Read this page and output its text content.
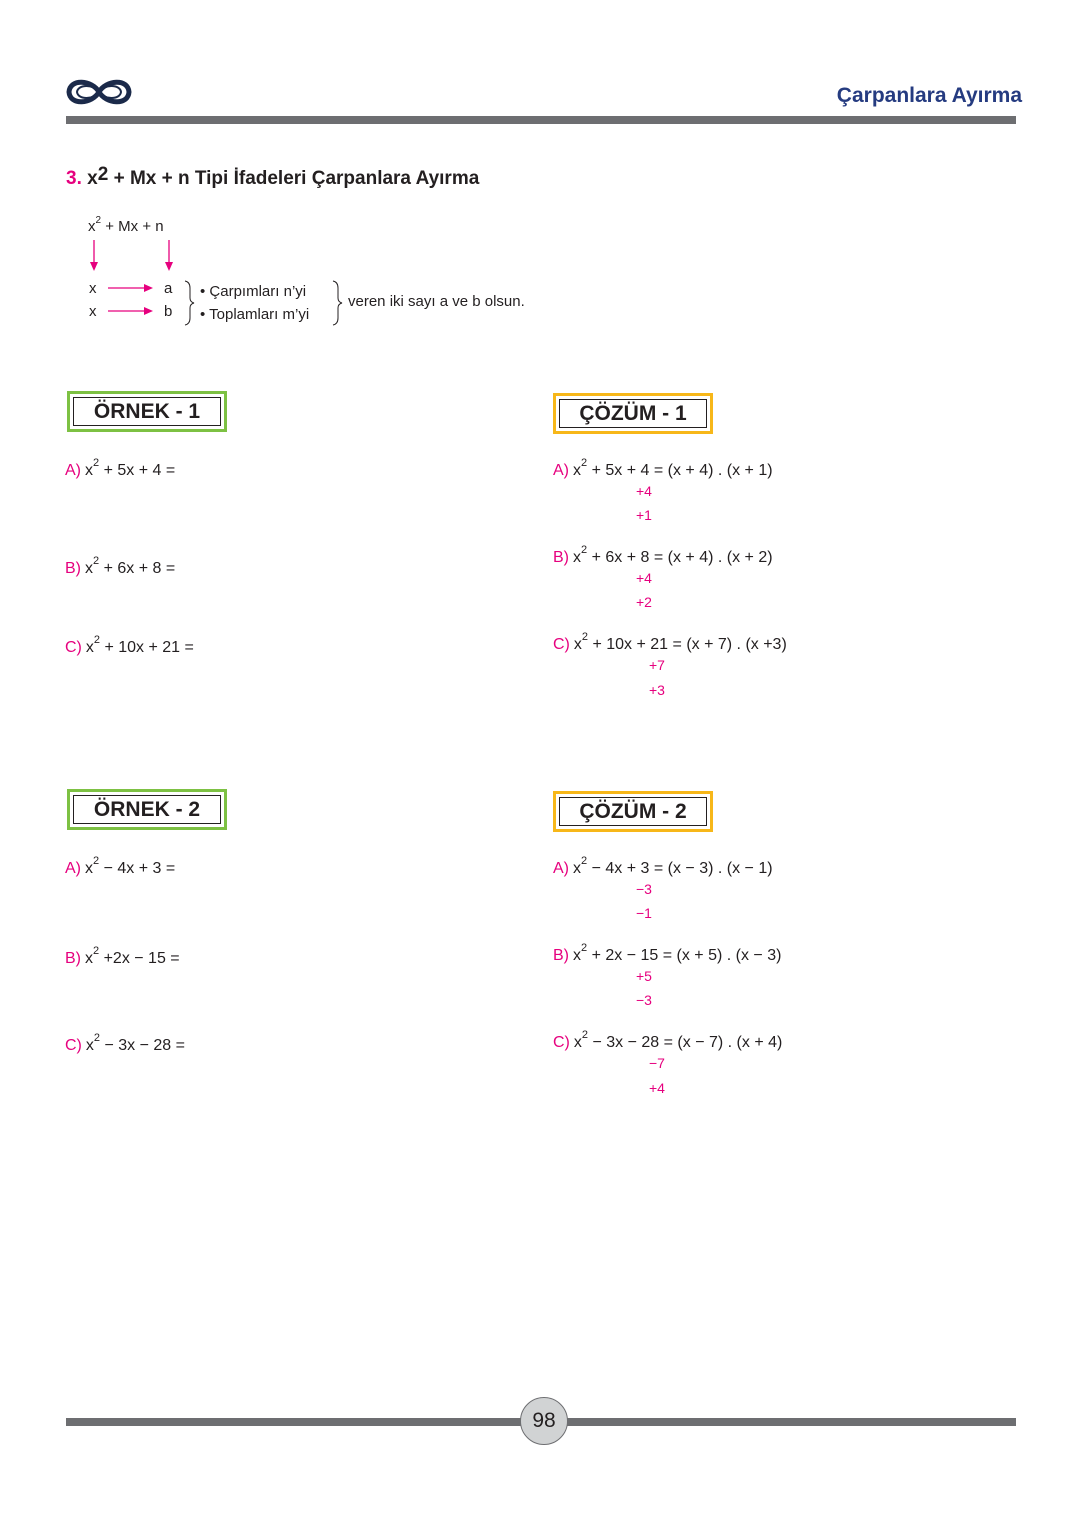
Çarpanlara Ayırma
3. $x^2 + Mx + n$ Tipi İfadeleri Çarpanlara Ayırma
$x^2 + Mx + n$
x
x
a
b
• Çarpımları n’yi
• Toplamları m’yi
veren iki sayı a ve b olsun.
ÖRNEK - 1
A) $x^2 + 5x + 4$ =
B) $x^2 + 6x + 8$ =
C) $x^2 + 10x + 21$ =
ÇÖZÜM - 1
A) $x^2 + 5x + 4 = (x + 4)$ . (x + 1)
+4
+1
B) $x^2 + 6x + 8 = (x + 4)$ . (x + 2)
+4
+2
C) $x^2 + 10x + 21 = (x + 7)$ . (x +3)
+7
+3
ÖRNEK - 2
A) $x^2 - 4x + 3$ =
B) $x^2 +2x - 15$ =
C) $x^2 - 3x - 28$ =
ÇÖZÜM - 2
A) $x^2 - 4x + 3 = (x - 3)$ . (x − 1)
−3
−1
B) $x^2 + 2x - 15 = (x + 5)$ . (x − 3)
+5
−3
C) $x^2 - 3x - 28 = (x - 7)$ . (x + 4)
−7
+4
98
